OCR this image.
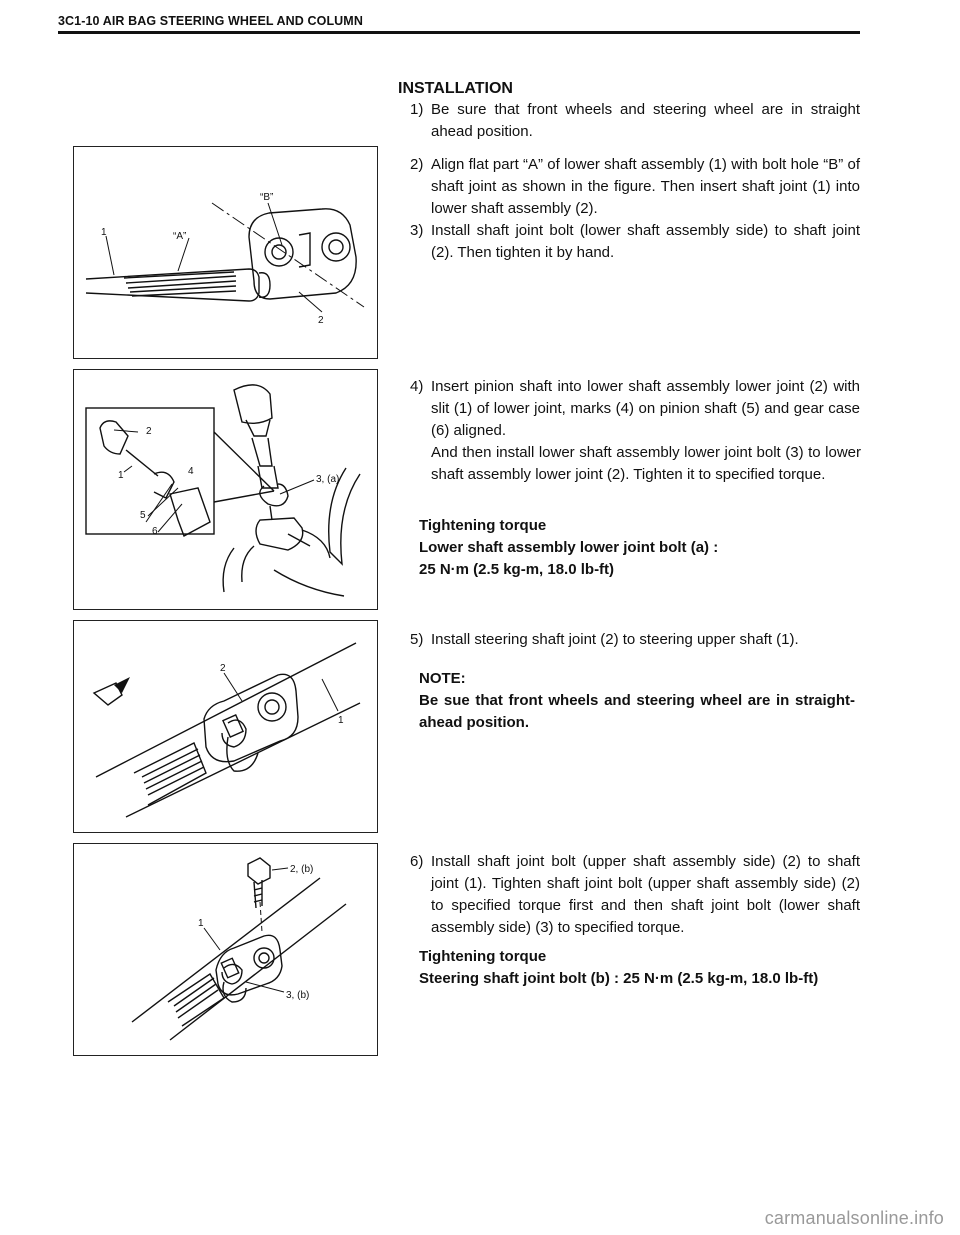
3C1-10 AIR BAG STEERING WHEEL AND COLUMN
INSTALLATION
“B”
1	“A”
2
2
1	4
5
6
3, (a)
2
1
2, (b)
1
3, (b)
1) Be sure that front wheels and steering wheel are in straight ahead position.
2) Align flat part “A” of lower shaft assembly (1) with bolt hole “B” of shaft joint as shown in the figure. Then insert shaft joint (1) into lower shaft assembly (2).
3) Install shaft joint bolt (lower shaft assembly side) to shaft joint (2). Then tighten it by hand.
4) Insert pinion shaft into lower shaft assembly lower joint (2) with slit (1) of lower joint, marks (4) on pinion shaft (5) and gear case (6) aligned.
And then install lower shaft assembly lower joint bolt (3) to lower shaft assembly lower joint (2). Tighten it to specified torque.
Tightening torque
Lower shaft assembly lower joint bolt (a) :
25 N·m (2.5 kg-m, 18.0 lb-ft)
5) Install steering shaft joint (2) to steering upper shaft (1).
NOTE:
Be sue that front wheels and steering wheel are in straight-ahead position.
6) Install shaft joint bolt (upper shaft assembly side) (2) to shaft joint (1). Tighten shaft joint bolt (upper shaft assembly side) (2) to specified torque first and then shaft joint bolt (lower shaft assembly side) (3) to specified torque.
Tightening torque
Steering shaft joint bolt (b) : 25 N·m (2.5 kg-m, 18.0 lb-ft)
carmanualsonline.info
